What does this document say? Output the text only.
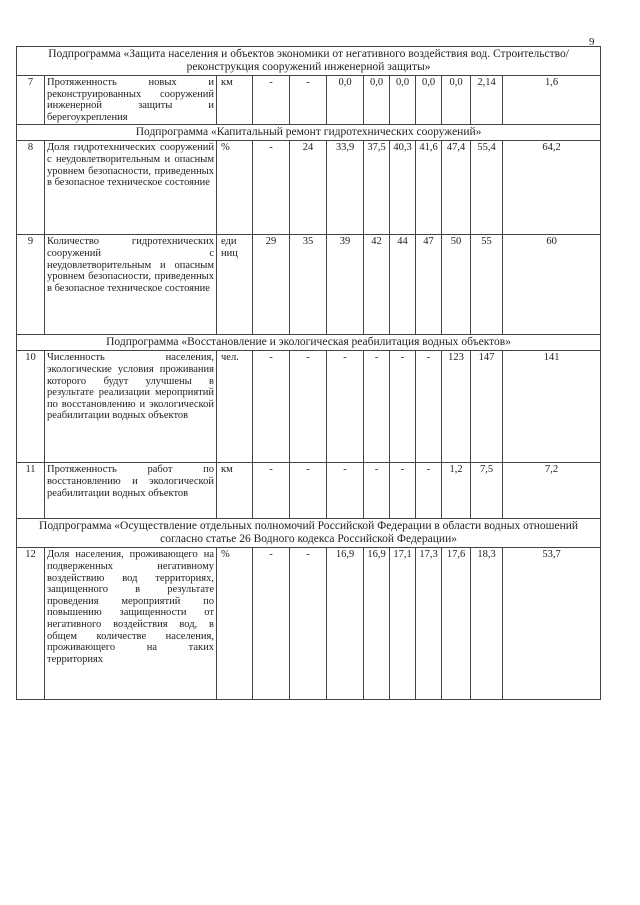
9
Подпрограмма «Защита населения и объектов экономики от негативного воздействия вод. Строительство/реконструкция сооружений инженерной защиты»											
7	Протяженность новых и реконструированных сооружений инженерной защиты и берегоукрепления	км	-	-	0,0	0,0	0,0	0,0	0,0	2,14	1,6
Подпрограмма «Капитальный ремонт гидротехнических сооружений»											
8	Доля гидротехнических сооружений с неудовлетворительным и опасным уровнем безопасности, приведенных в безопасное техническое состояние	%	-	24	33,9	37,5	40,3	41,6	47,4	55,4	64,2
9	Количество гидротехнических сооружений с неудовлетворительным и опасным уровнем безопасности, приведенных в безопасное техническое состояние	еди ниц	29	35	39	42	44	47	50	55	60
Подпрограмма «Восстановление и экологическая реабилитация водных объектов»											
10	Численность населения, экологические условия проживания которого будут улучшены в результате реализации мероприятий по восстановлению и экологической реабилитации водных объектов	чел.	-	-	-	-	-	-	123	147	141
11	Протяженность работ по восстановлению и экологической реабилитации водных объектов	км	-	-	-	-	-	-	1,2	7,5	7,2
Подпрограмма «Осуществление отдельных полномочий Российской Федерации в области водных отношений согласно статье 26 Водного кодекса Российской Федерации»											
12	Доля населения, проживающего на подверженных негативному воздействию вод территориях, защищенного в результате проведения мероприятий по повышению защищенности от негативного воздействия вод, в общем количестве населения, проживающего на таких территориях	%	-	-	16,9	16,9	17,1	17,3	17,6	18,3	53,7
